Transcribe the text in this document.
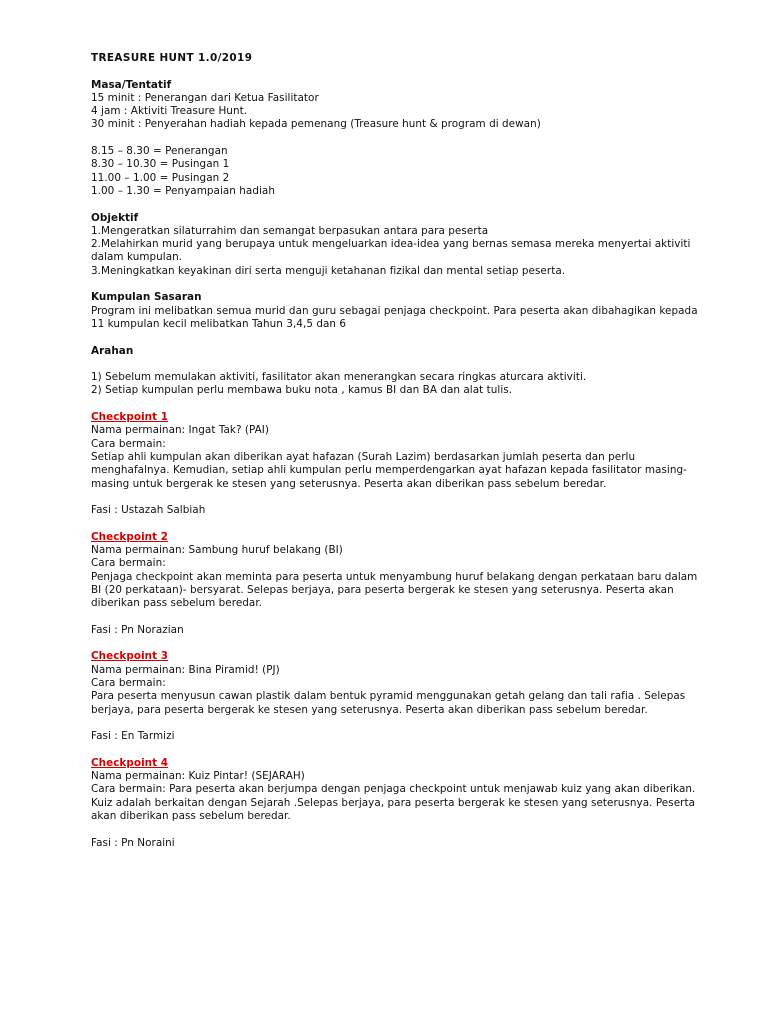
TREASURE HUNT 1.0/2019

Masa/Tentatif

15 minit : Penerangan dari Ketua Fasilitator

4 jam : Aktiviti Treasure Hunt.

30 minit : Penyerahan hadiah kepada pemenang (Treasure hunt & program di dewan)

8.15 – 8.30 = Penerangan

8.30 – 10.30 = Pusingan 1

11.00 – 1.00 = Pusingan 2

1.00 – 1.30 = Penyampaian hadiah

Objektif

1.Mengeratkan silaturrahim dan semangat berpasukan antara para peserta

2.Melahirkan murid yang berupaya untuk mengeluarkan idea-idea yang bernas semasa mereka menyertai aktiviti dalam kumpulan.

3.Meningkatkan keyakinan diri serta menguji ketahanan fizikal dan mental setiap peserta.

Kumpulan Sasaran

Program ini melibatkan semua murid dan guru sebagai penjaga checkpoint. Para peserta akan dibahagikan kepada 11 kumpulan kecil melibatkan Tahun 3,4,5 dan 6

Arahan

1) Sebelum memulakan aktiviti, fasilitator akan menerangkan secara ringkas aturcara aktiviti.

2) Setiap kumpulan perlu membawa buku nota , kamus BI dan BA dan alat tulis.

Checkpoint 1

Nama permainan: Ingat Tak? (PAI)

Cara bermain:

Setiap ahli kumpulan akan diberikan ayat hafazan (Surah Lazim) berdasarkan jumlah peserta dan perlu menghafalnya. Kemudian, setiap ahli kumpulan perlu memperdengarkan ayat hafazan kepada fasilitator masing-masing untuk bergerak ke stesen yang seterusnya. Peserta akan diberikan pass sebelum beredar.

Fasi : Ustazah Salbiah

Checkpoint 2

Nama permainan: Sambung huruf belakang (BI)

Cara bermain:

Penjaga checkpoint akan meminta para peserta untuk menyambung huruf belakang dengan perkataan baru dalam BI (20 perkataan)- bersyarat. Selepas berjaya, para peserta bergerak ke stesen yang seterusnya. Peserta akan diberikan pass sebelum beredar.

Fasi : Pn Norazian

Checkpoint 3

Nama permainan: Bina Piramid! (PJ)

Cara bermain:

Para peserta menyusun cawan plastik dalam bentuk pyramid menggunakan getah gelang dan tali rafia . Selepas berjaya, para peserta bergerak ke stesen yang seterusnya. Peserta akan diberikan pass sebelum beredar.

Fasi : En Tarmizi

Checkpoint 4

Nama permainan: Kuiz Pintar! (SEJARAH)

Cara bermain: Para peserta akan berjumpa dengan penjaga checkpoint untuk menjawab kuiz yang akan diberikan. Kuiz adalah berkaitan dengan Sejarah .Selepas berjaya, para peserta bergerak ke stesen yang seterusnya. Peserta akan diberikan pass sebelum beredar.

Fasi : Pn Noraini
